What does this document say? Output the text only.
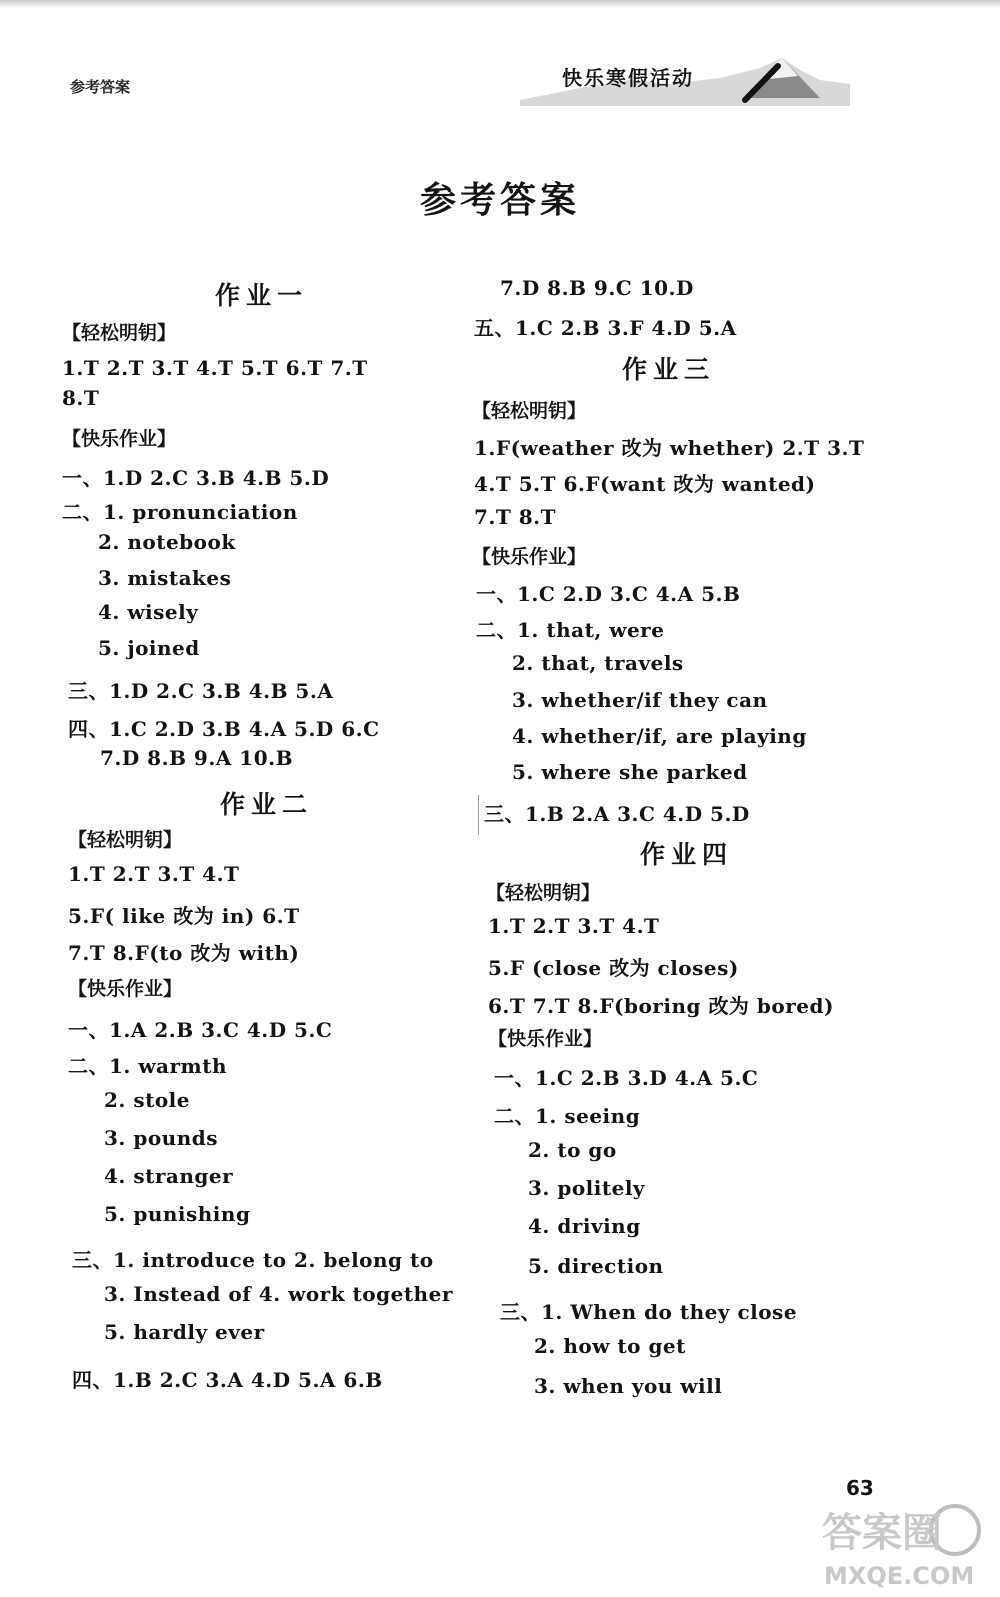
参考答案	快乐寒假活动
参考答案
作业一
【轻松明钥】
1.T 2.T 3.T 4.T 5.T 6.T 7.T
8.T
【快乐作业】
一、1.D 2.C 3.B 4.B 5.D
二、1. pronunciation
2. notebook
3. mistakes
4. wisely
5. joined
三、1.D 2.C 3.B 4.B 5.A
四、1.C 2.D 3.B 4.A 5.D 6.C
7.D 8.B 9.A 10.B
作业二
【轻松明钥】
1.T 2.T 3.T 4.T
5.F( like 改为 in) 6.T
7.T 8.F(to 改为 with)
【快乐作业】
一、1.A 2.B 3.C 4.D 5.C
二、1. warmth
2. stole
3. pounds
4. stranger
5. punishing
三、1. introduce to 2. belong to
3. Instead of 4. work together
5. hardly ever
四、1.B 2.C 3.A 4.D 5.A 6.B
7.D 8.B 9.C 10.D
五、1.C 2.B 3.F 4.D 5.A
作业三
【轻松明钥】
1.F(weather 改为 whether) 2.T 3.T
4.T 5.T 6.F(want 改为 wanted)
7.T 8.T
【快乐作业】
一、1.C 2.D 3.C 4.A 5.B
二、1. that, were
2. that, travels
3. whether/if they can
4. whether/if, are playing
5. where she parked
三、1.B 2.A 3.C 4.D 5.D
作业四
【轻松明钥】
1.T 2.T 3.T 4.T
5.F (close 改为 closes)
6.T 7.T 8.F(boring 改为 bored)
【快乐作业】
一、1.C 2.B 3.D 4.A 5.C
二、1. seeing
2. to go
3. politely
4. driving
5. direction
三、1. When do they close
2. how to get
3. when you will
63
答案圈
MXQE.COM
